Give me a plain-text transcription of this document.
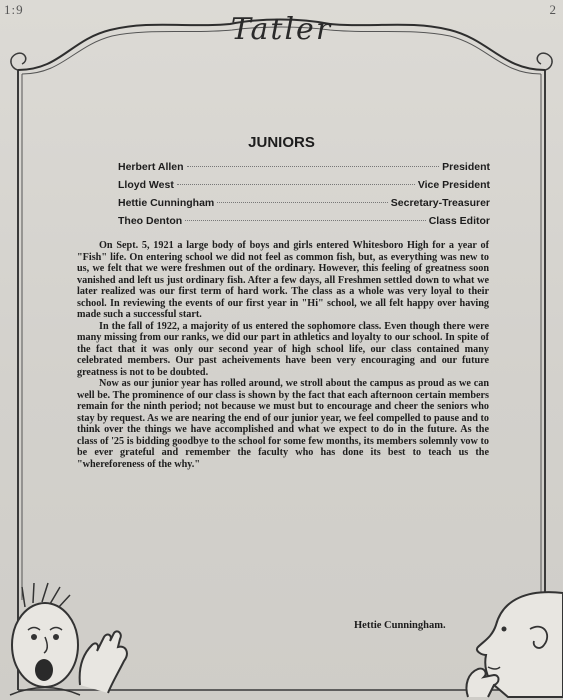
1:9	2
Tatler
JUNIORS
Herbert Allen	President
Lloyd West	Vice President
Hettie Cunningham	Secretary-Treasurer
Theo Denton	Class Editor

On Sept. 5, 1921 a large body of boys and girls entered Whitesboro High for a year of "Fish" life. On entering school we did not feel as common fish, but, as everything was new to us, we felt that we were freshmen out of the ordinary. However, this feeling of greatness soon vanished and left us just ordinary fish. After a few days, all Freshmen settled down to what we later realized was our first term of hard work. The class as a whole was very loyal to their school. In reviewing the events of our first year in "Hi" school, we all felt happy over having made such a successful start.

In the fall of 1922, a majority of us entered the sophomore class. Even though there were many missing from our ranks, we did our part in athletics and loyalty to our school. In spite of the fact that it was only our second year of high school life, our class contained many celebrated members. Our past acheivements have been very encouraging and our future greatness is not to be doubted.

Now as our junior year has rolled around, we stroll about the campus as proud as we can well be. The prominence of our class is shown by the fact that each afternoon certain members remain for the ninth period; not because we must but to encourage and cheer the seniors who stay by request. As we are nearing the end of our junior year, we feel compelled to pause and to think over the things we have accomplished and what we expect to do in the future. As the class of '25 is bidding goodbye to the school for some few months, its members solemnly vow to be ever grateful and remember the faculty who has done its best to teach us the "whereforeness of the why."

Hettie Cunningham.
